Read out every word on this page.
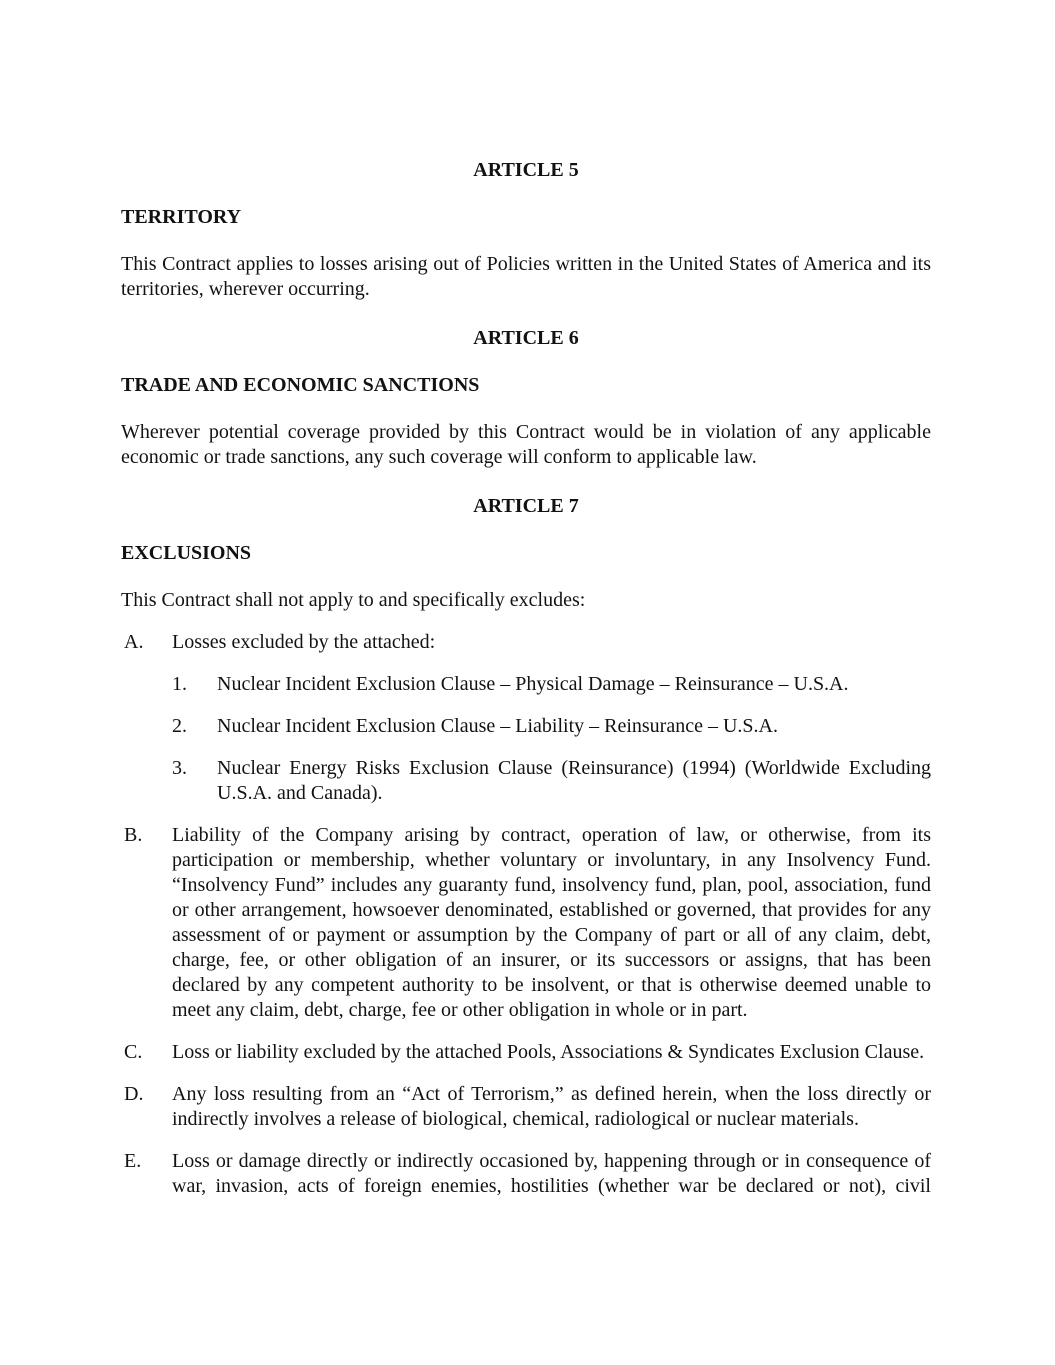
ARTICLE 5
TERRITORY

This Contract applies to losses arising out of Policies written in the United States of America and its territories, wherever occurring.

ARTICLE 6
TRADE AND ECONOMIC SANCTIONS

Wherever potential coverage provided by this Contract would be in violation of any applicable economic or trade sanctions, any such coverage will conform to applicable law.

ARTICLE 7
EXCLUSIONS

This Contract shall not apply to and specifically excludes:

A.	Losses excluded by the attached:

1.	Nuclear Incident Exclusion Clause – Physical Damage – Reinsurance – U.S.A.

2.	Nuclear Incident Exclusion Clause – Liability – Reinsurance – U.S.A.

3.	Nuclear Energy Risks Exclusion Clause (Reinsurance) (1994) (Worldwide Excluding U.S.A. and Canada).

B.	Liability of the Company arising by contract, operation of law, or otherwise, from its participation or membership, whether voluntary or involuntary, in any Insolvency Fund. “Insolvency Fund” includes any guaranty fund, insolvency fund, plan, pool, association, fund or other arrangement, howsoever denominated, established or governed, that provides for any assessment of or payment or assumption by the Company of part or all of any claim, debt, charge, fee, or other obligation of an insurer, or its successors or assigns, that has been declared by any competent authority to be insolvent, or that is otherwise deemed unable to meet any claim, debt, charge, fee or other obligation in whole or in part.

C.	Loss or liability excluded by the attached Pools, Associations & Syndicates Exclusion Clause.

D.	Any loss resulting from an “Act of Terrorism,” as defined herein, when the loss directly or indirectly involves a release of biological, chemical, radiological or nuclear materials.

E.	Loss or damage directly or indirectly occasioned by, happening through or in consequence of war, invasion, acts of foreign enemies, hostilities (whether war be declared or not), civil
